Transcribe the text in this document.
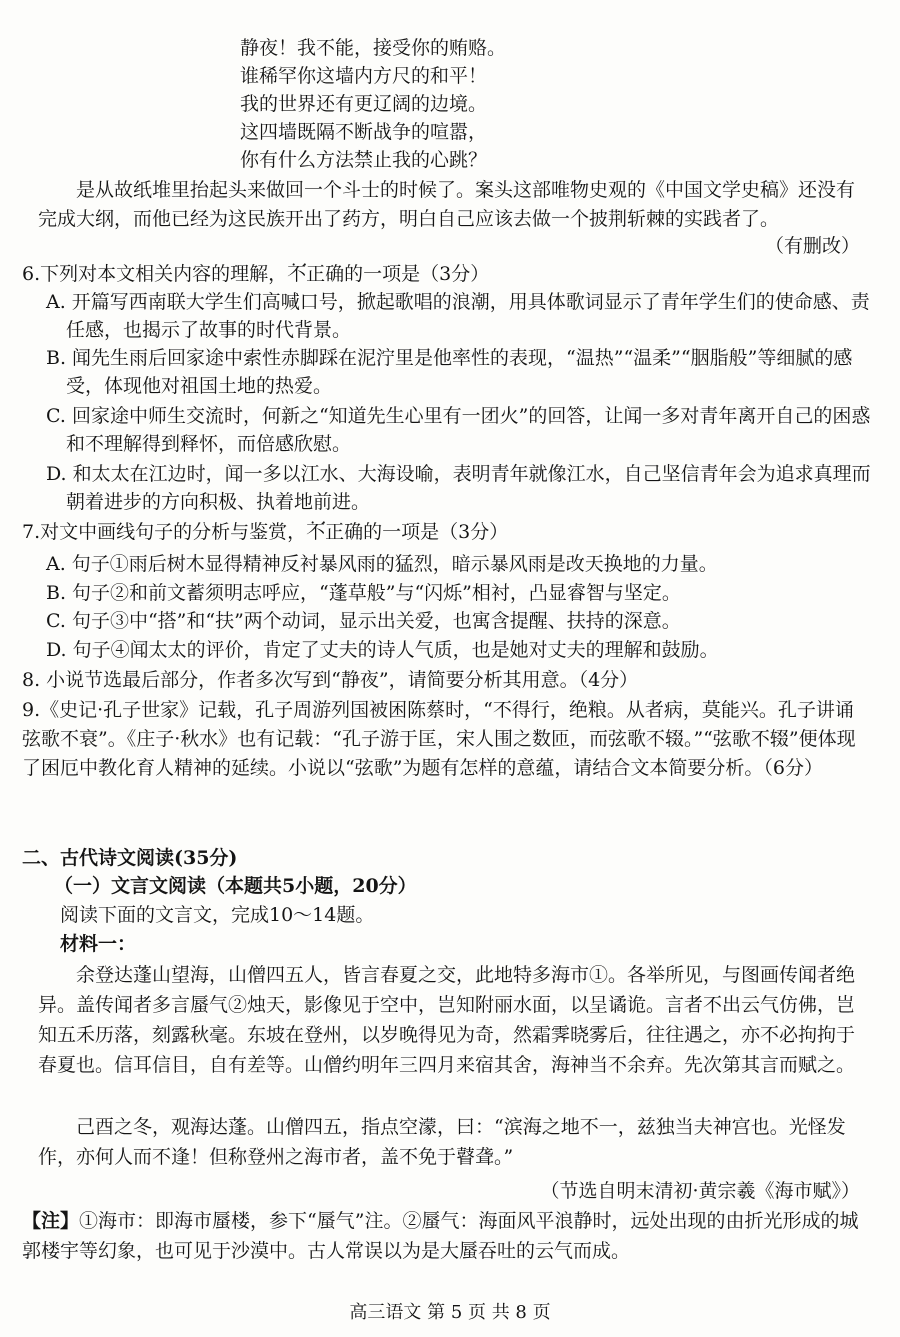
静夜！我不能，接受你的贿赂。
谁稀罕你这墙内方尺的和平！
我的世界还有更辽阔的边境。
这四墙既隔不断战争的喧嚣，
你有什么方法禁止我的心跳？
是从故纸堆里抬起头来做回一个斗士的时候了。案头这部唯物史观的《中国文学史稿》还没有完成大纲，而他已经为这民族开出了药方，明白自己应该去做一个披荆斩棘的实践者了。
（有删改）
6.下列对本文相关内容的理解，不正确 ··的一项是（3分）
A. 开篇写西南联大学生们高喊口号，掀起歌唱的浪潮，用具体歌词显示了青年学生们的使命感、责任感，也揭示了故事的时代背景。
B. 闻先生雨后回家途中索性赤脚踩在泥泞里是他率性的表现，“温热”“温柔”“胭脂般”等细腻的感受，体现他对祖国土地的热爱。
C. 回家途中师生交流时，何新之“知道先生心里有一团火”的回答，让闻一多对青年离开自己的困惑和不理解得到释怀，而倍感欣慰。
D. 和太太在江边时，闻一多以江水、大海设喻，表明青年就像江水，自己坚信青年会为追求真理而朝着进步的方向积极、执着地前进。
7.对文中画线句子的分析与鉴赏，不正确 ··的一项是（3分）
A. 句子①雨后树木显得精神反衬暴风雨的猛烈，暗示暴风雨是改天换地的力量。
B. 句子②和前文蓄须明志呼应，“蓬草般”与“闪烁”相衬，凸显睿智与坚定。
C. 句子③中“搭”和“扶”两个动词，显示出关爱，也寓含提醒、扶持的深意。
D. 句子④闻太太的评价，肯定了丈夫的诗人气质，也是她对丈夫的理解和鼓励。
8. 小说节选最后部分，作者多次写到“静夜”，请简要分析其用意。（4分）
9.《史记·孔子世家》记载，孔子周游列国被困陈蔡时，“不得行，绝粮。从者病，莫能兴。孔子讲诵弦歌不衰”。《庄子·秋水》也有记载：“孔子游于匡，宋人围之数匝，而弦歌不辍。”“弦歌不辍”便体现了困厄中教化育人精神的延续。小说以“弦歌”为题有怎样的意蕴，请结合文本简要分析。（6分）
二、古代诗文阅读(35分)
（一）文言文阅读（本题共5小题，20分）
阅读下面的文言文，完成10～14题。
材料一：
余登达蓬山望海，山僧四五人，皆言春夏之交，此地特多海市①。各举所见，与图画传闻者绝异。盖传闻者多言蜃气②烛天，影像见于空中，岂知附丽水面，以呈谲诡。言者不出云气仿佛，岂知五禾历落，刻露秋毫。东坡在登州，以岁晚得见为奇，然霜霁晓雾后，往往遇之，亦不必拘拘于春夏也。信耳信目，自有差等。山僧约明年三四月来宿其舍，海神当不余弃。先次第其言而赋之。
己酉之冬，观海达蓬。山僧四五，指点空濛，曰：“滨海之地不一，兹独当夫神宫也。光怪发作，亦何人而不逢！但称登州之海市者，盖不免于瞽聋。”
（节选自明末清初·黄宗羲《海市赋》）
【注】①海市：即海市蜃楼，参下“蜃气”注。②蜃气：海面风平浪静时，远处出现的由折光形成的城郭楼宇等幻象，也可见于沙漠中。古人常误以为是大蜃吞吐的云气而成。
高三语文 第 5 页 共 8 页
